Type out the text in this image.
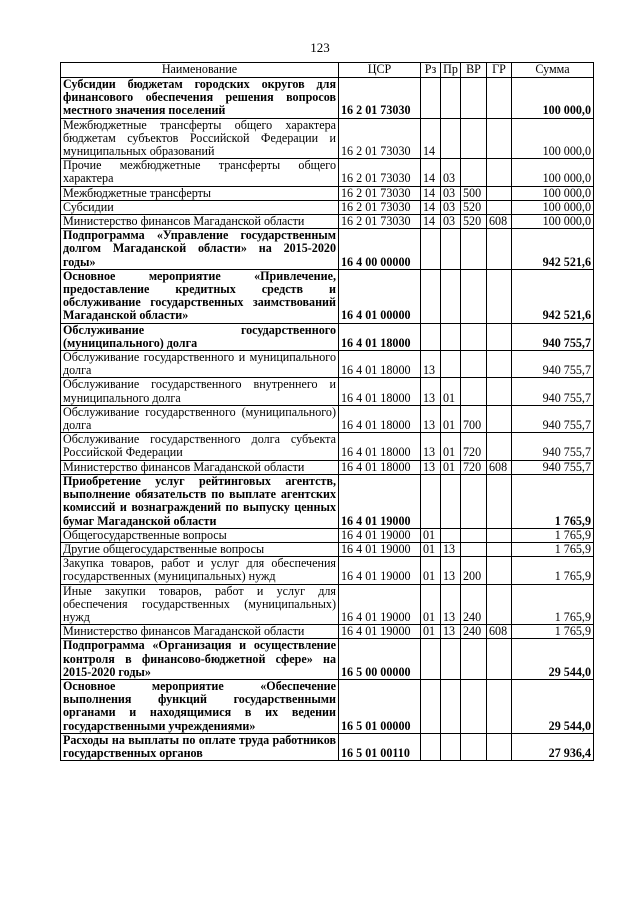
123
Наименование	ЦСР	Рз	Пр	ВР	ГР	Сумма
Субсидии бюджетам городских округов для финансового обеспечения решения вопросов местного значения поселений	16 2 01 73030					100 000,0
Межбюджетные трансферты общего характера бюджетам субъектов Российской Федерации и муниципальных образований	16 2 01 73030	14				100 000,0
Прочие межбюджетные трансферты общего характера	16 2 01 73030	14	03			100 000,0
Межбюджетные трансферты	16 2 01 73030	14	03	500		100 000,0
Субсидии	16 2 01 73030	14	03	520		100 000,0
Министерство финансов Магаданской области	16 2 01 73030	14	03	520	608	100 000,0
Подпрограмма «Управление государственным долгом Магаданской области» на 2015-2020 годы»	16 4 00 00000					942 521,6
Основное мероприятие «Привлечение, предоставление кредитных средств и обслуживание государственных заимствований Магаданской области»	16 4 01 00000					942 521,6
Обслуживание государственного (муниципального) долга	16 4 01 18000					940 755,7
Обслуживание государственного и муниципального долга	16 4 01 18000	13				940 755,7
Обслуживание государственного внутреннего и муниципального долга	16 4 01 18000	13	01			940 755,7
Обслуживание государственного (муниципального) долга	16 4 01 18000	13	01	700		940 755,7
Обслуживание государственного долга субъекта Российской Федерации	16 4 01 18000	13	01	720		940 755,7
Министерство финансов Магаданской области	16 4 01 18000	13	01	720	608	940 755,7
Приобретение услуг рейтинговых агентств, выполнение обязательств по выплате агентских комиссий и вознаграждений по выпуску ценных бумаг Магаданской области	16 4 01 19000					1 765,9
Общегосударственные вопросы	16 4 01 19000	01				1 765,9
Другие общегосударственные вопросы	16 4 01 19000	01	13			1 765,9
Закупка товаров, работ и услуг для обеспечения государственных (муниципальных) нужд	16 4 01 19000	01	13	200		1 765,9
Иные закупки товаров, работ и услуг для обеспечения государственных (муниципальных) нужд	16 4 01 19000	01	13	240		1 765,9
Министерство финансов Магаданской области	16 4 01 19000	01	13	240	608	1 765,9
Подпрограмма «Организация и осуществление контроля в финансово-бюджетной сфере» на 2015-2020 годы»	16 5 00 00000					29 544,0
Основное мероприятие «Обеспечение выполнения функций государственными органами и находящимися в их ведении государственными учреждениями»	16 5 01 00000					29 544,0
Расходы на выплаты по оплате труда работников государственных органов	16 5 01 00110					27 936,4
